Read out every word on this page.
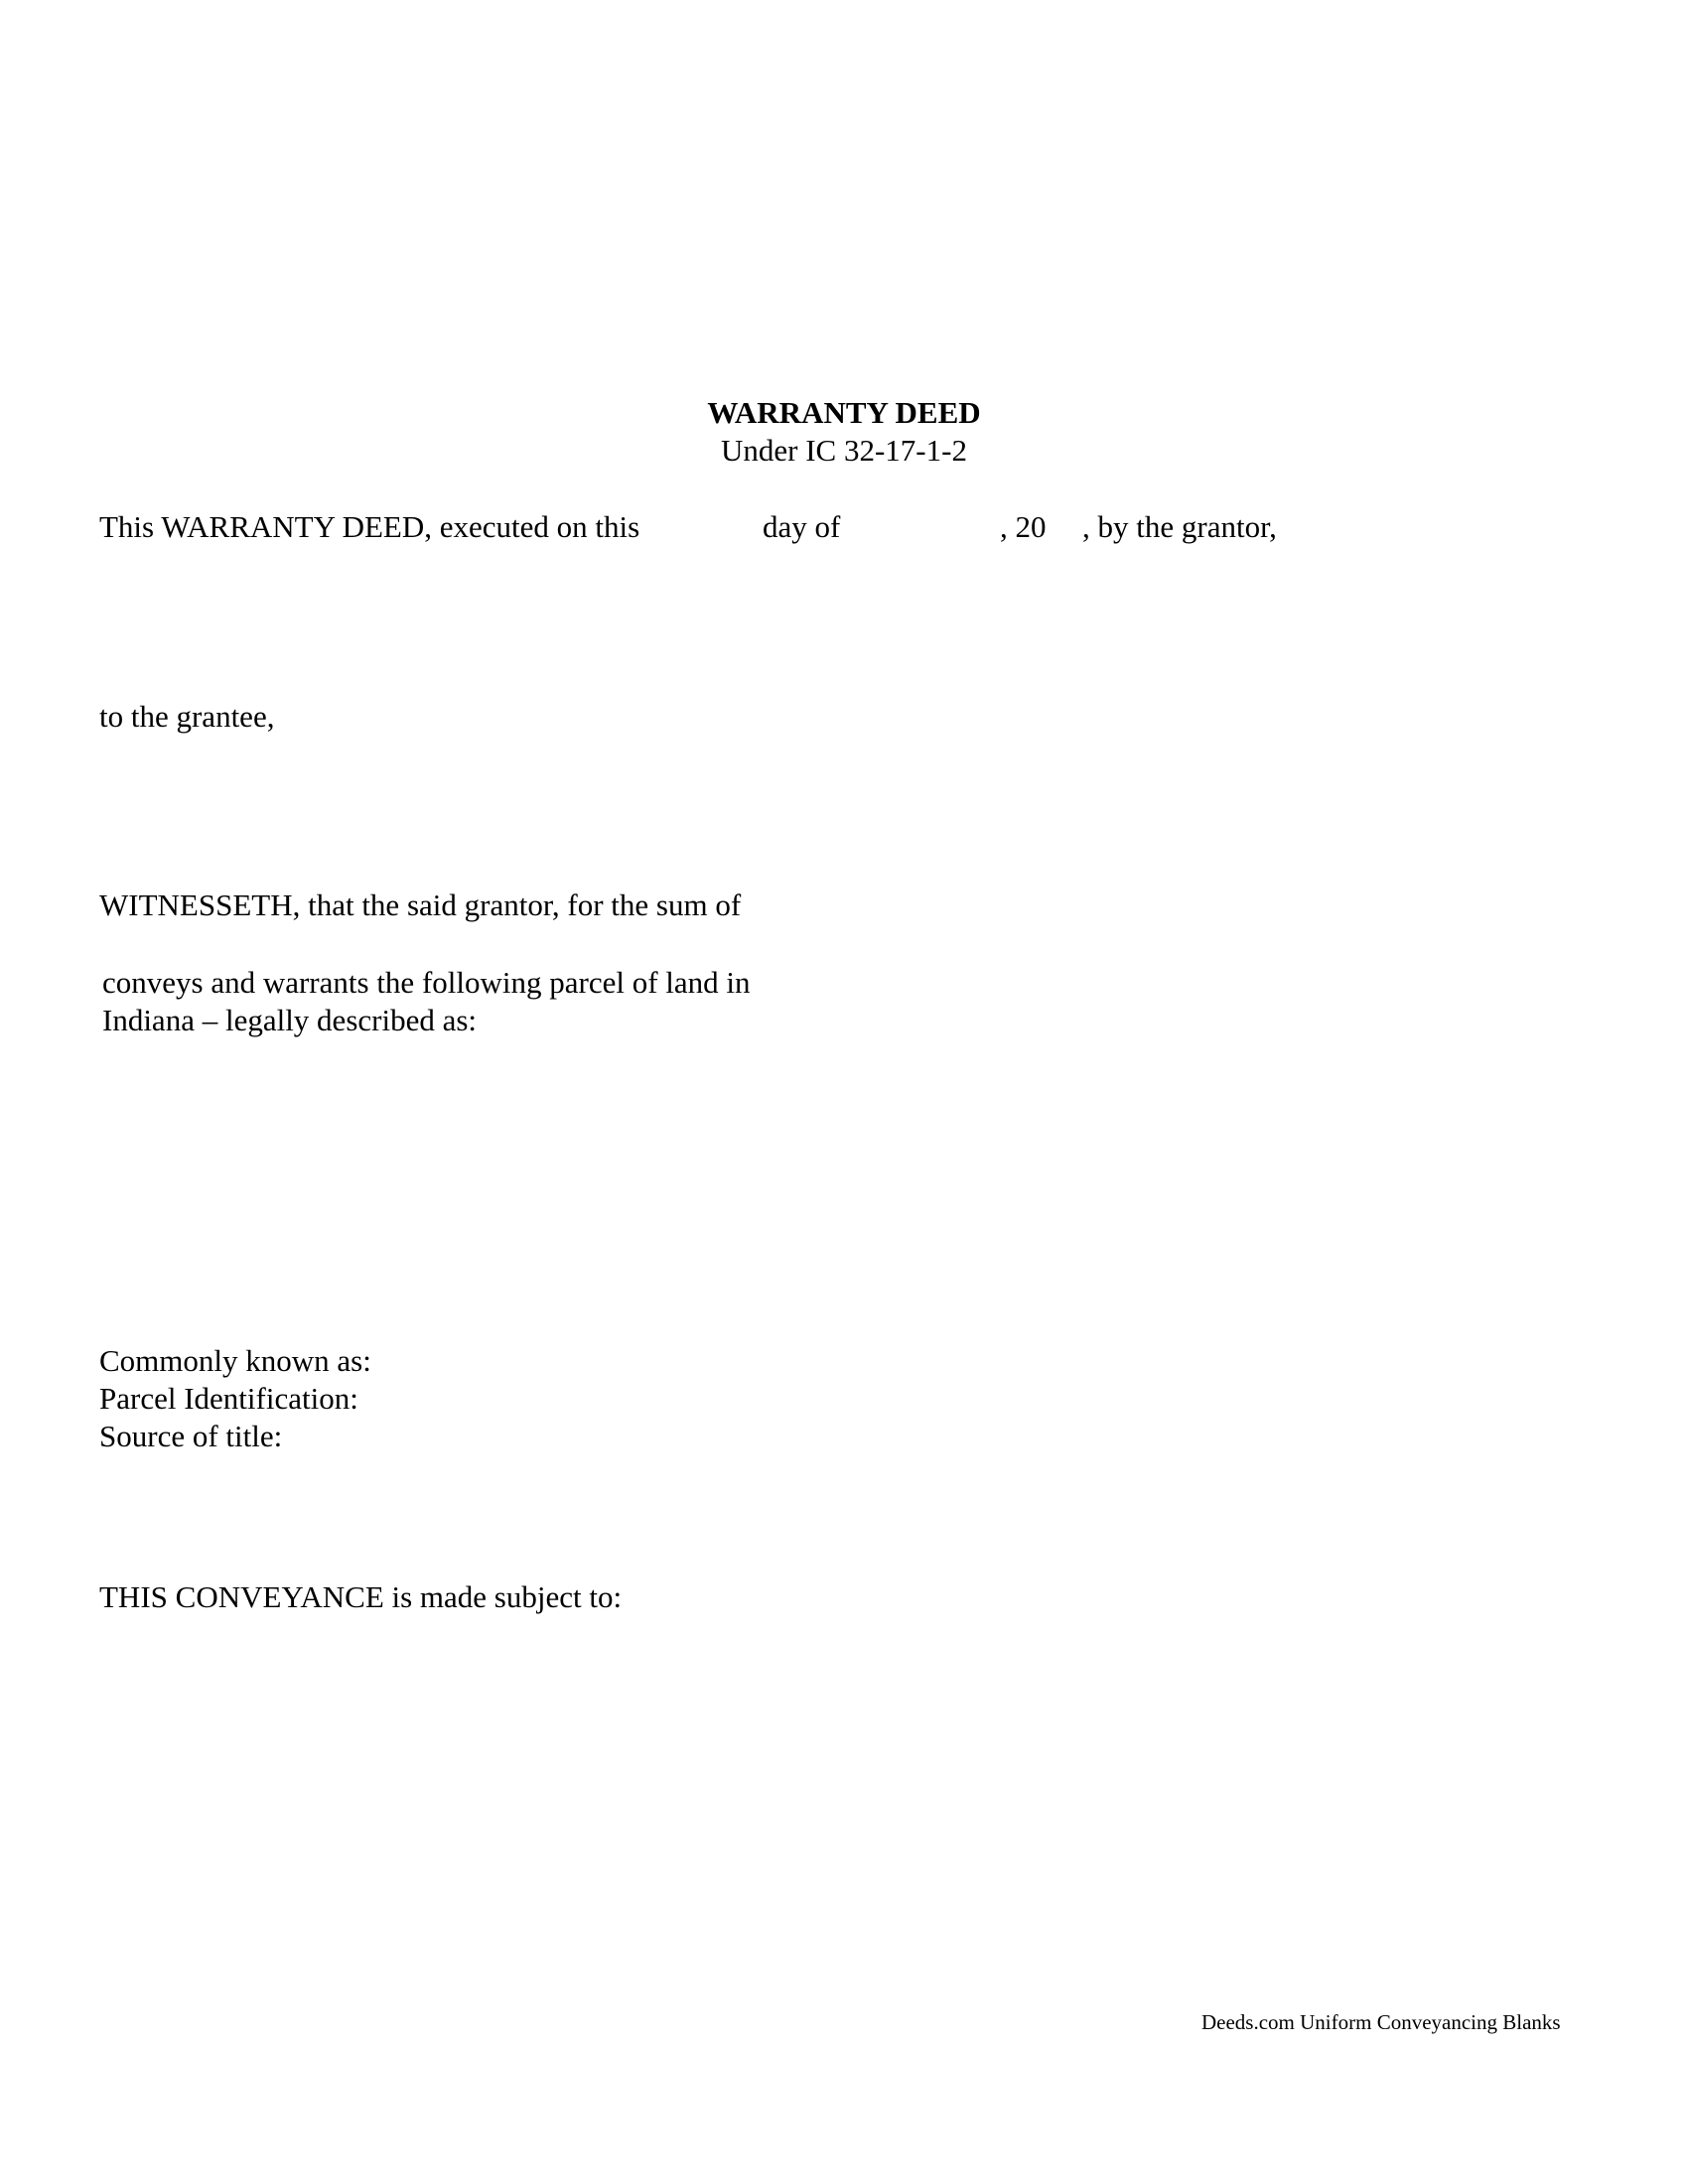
WARRANTY DEED
Under IC 32-17-1-2
This WARRANTY DEED, executed on this	day of	, 20 , by the grantor,
to the grantee,
WITNESSETH, that the said grantor, for the sum of
conveys and warrants the following parcel of land in
Indiana – legally described as:
Commonly known as:
Parcel Identification:
Source of title:
THIS CONVEYANCE is made subject to:
Deeds.com Uniform Conveyancing Blanks
